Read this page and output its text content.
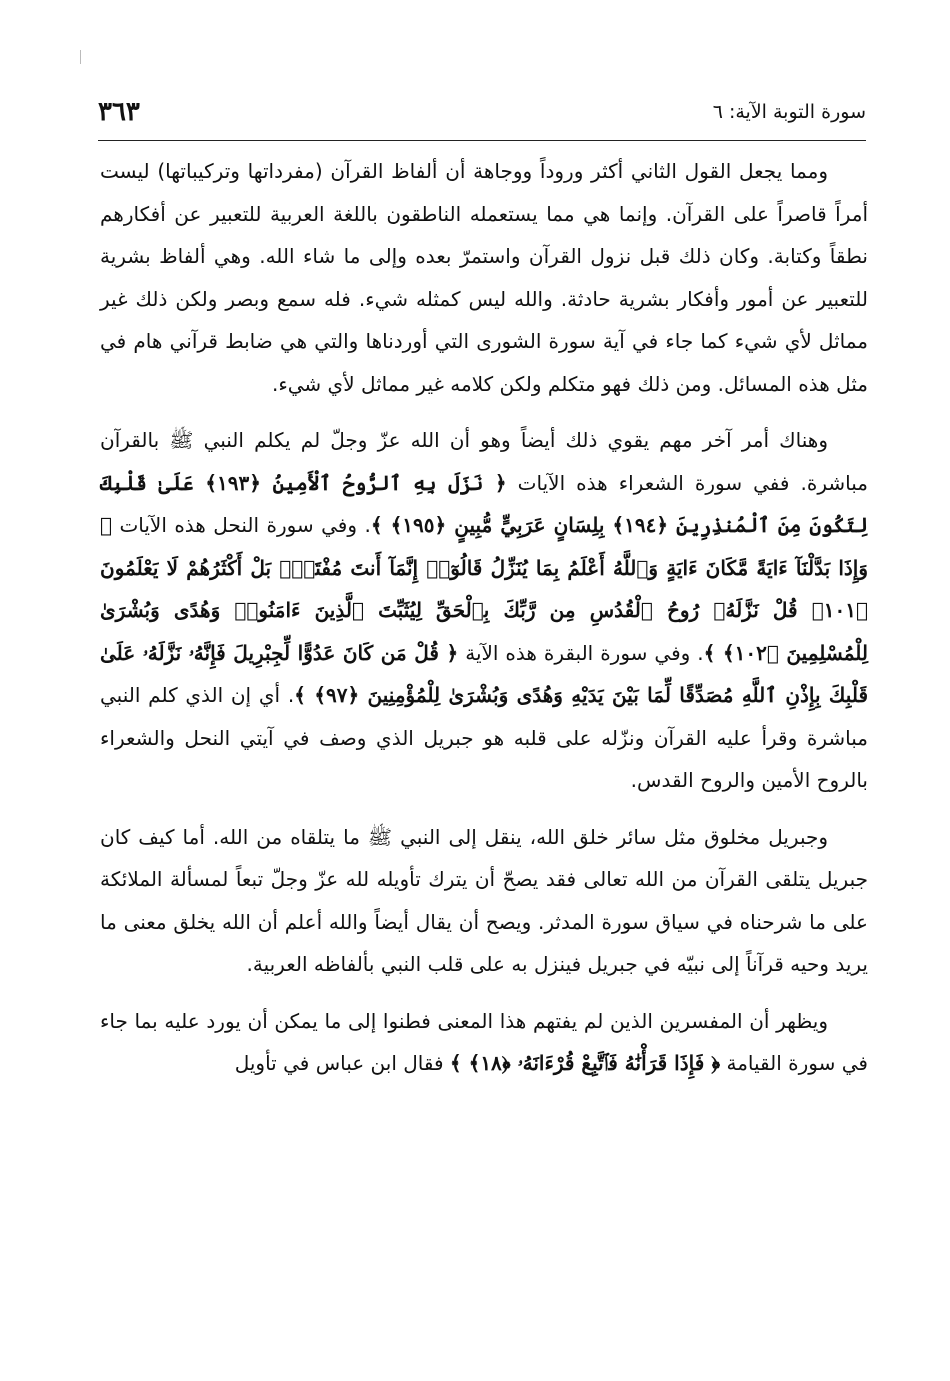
٣٦٣	سورة التوبة الآية: ٦

ومما يجعل القول الثاني أكثر وروداً ووجاهة أن ألفاظ القرآن (مفرداتها وتركيباتها) ليست أمراً قاصراً على القرآن. وإنما هي مما يستعمله الناطقون باللغة العربية للتعبير عن أفكارهم نطقاً وكتابة. وكان ذلك قبل نزول القرآن واستمرّ بعده وإلى ما شاء الله. وهي ألفاظ بشرية للتعبير عن أمور وأفكار بشرية حادثة. والله ليس كمثله شيء. فله سمع وبصر ولكن ذلك غير مماثل لأي شيء كما جاء في آية سورة الشورى التي أوردناها والتي هي ضابط قرآني هام في مثل هذه المسائل. ومن ذلك فهو متكلم ولكن كلامه غير مماثل لأي شيء.

وهناك أمر آخر مهم يقوي ذلك أيضاً وهو أن الله عزّ وجلّ لم يكلم النبي ﷺ بالقرآن مباشرة. ففي سورة الشعراء هذه الآيات ﴿ نَزَلَ بِهِ ٱلرُّوحُ ٱلْأَمِينُ ﴿١٩٣﴾ عَلَىٰ قَلْبِكَ لِتَكُونَ مِنَ ٱلْمُنذِرِينَ ﴿١٩٤﴾ بِلِسَانٍ عَرَبِيٍّ مُّبِينٍ ﴿١٩٥﴾ ﴾. وفي سورة النحل هذه الآيات ﴿ وَإِذَا بَدَّلْنَآ ءَايَةً مَّكَانَ ءَايَةٍ وَٱللَّهُ أَعْلَمُ بِمَا يُنَزِّلُ قَالُوٓا۟ إِنَّمَآ أَنتَ مُفْتَرٍۭ بَلْ أَكْثَرُهُمْ لَا يَعْلَمُونَ ﴿١٠١﴾ قُلْ نَزَّلَهُۥ رُوحُ ٱلْقُدُسِ مِن رَّبِّكَ بِٱلْحَقِّ لِيُثَبِّتَ ٱلَّذِينَ ءَامَنُوا۟ وَهُدًى وَبُشْرَىٰ لِلْمُسْلِمِينَ ﴿١٠٢﴾ ﴾. وفي سورة البقرة هذه الآية ﴿ قُلْ مَن كَانَ عَدُوًّا لِّجِبْرِيلَ فَإِنَّهُۥ نَزَّلَهُۥ عَلَىٰ قَلْبِكَ بِإِذْنِ ٱللَّهِ مُصَدِّقًا لِّمَا بَيْنَ يَدَيْهِ وَهُدًى وَبُشْرَىٰ لِلْمُؤْمِنِينَ ﴿٩٧﴾ ﴾. أي إن الذي كلم النبي مباشرة وقرأ عليه القرآن ونزّله على قلبه هو جبريل الذي وصف في آيتي النحل والشعراء بالروح الأمين والروح القدس.

وجبريل مخلوق مثل سائر خلق الله، ينقل إلى النبي ﷺ ما يتلقاه من الله. أما كيف كان جبريل يتلقى القرآن من الله تعالى فقد يصحّ أن يترك تأويله لله عزّ وجلّ تبعاً لمسألة الملائكة على ما شرحناه في سياق سورة المدثر. ويصح أن يقال أيضاً والله أعلم أن الله يخلق معنى ما يريد وحيه قرآناً إلى نبيّه في جبريل فينزل به على قلب النبي بألفاظه العربية.

ويظهر أن المفسرين الذين لم يفتهم هذا المعنى فطنوا إلى ما يمكن أن يورد عليه بما جاء في سورة القيامة ﴿ فَإِذَا قَرَأْنَٰهُ فَٱتَّبِعْ قُرْءَانَهُۥ ﴿١٨﴾ ﴾ فقال ابن عباس في تأويل
